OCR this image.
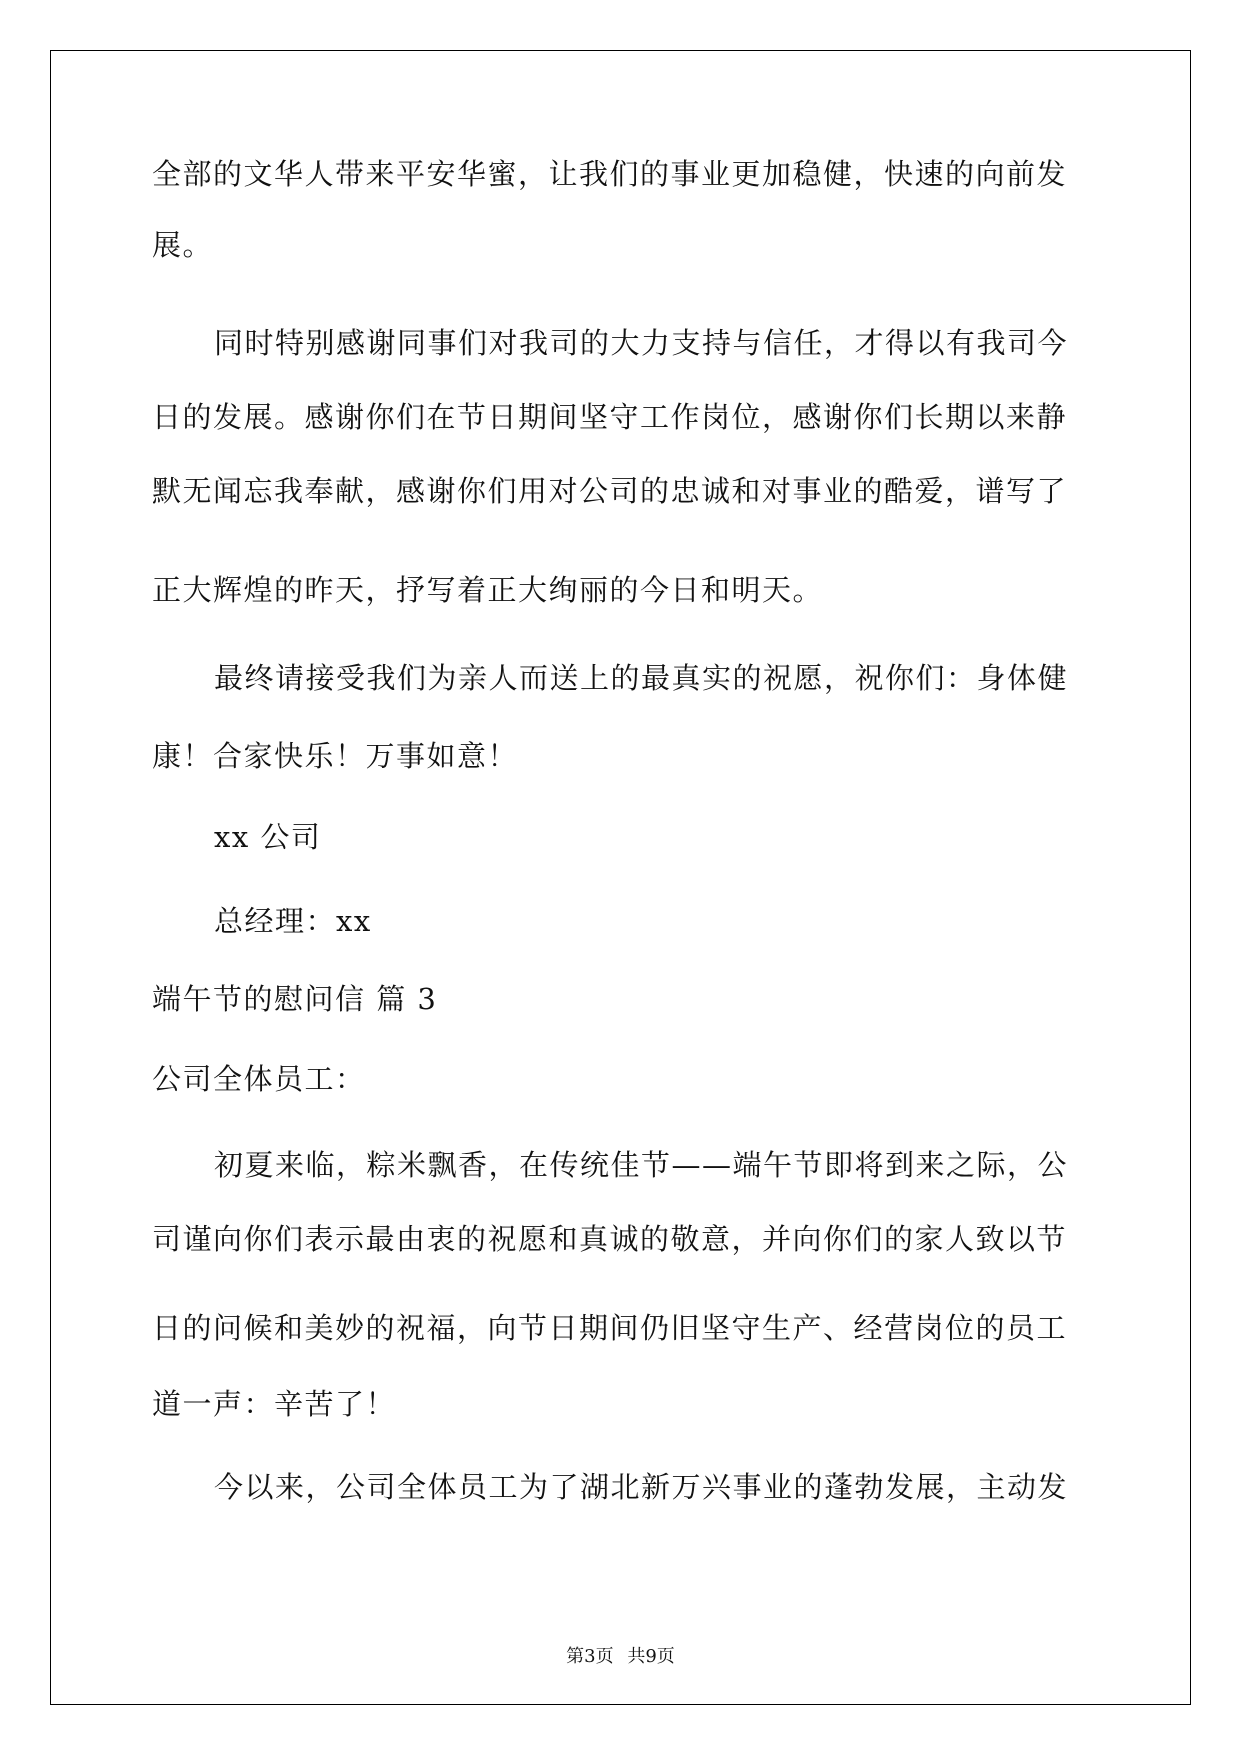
全部的文华人带来平安华蜜，让我们的事业更加稳健，快速的向前发

展。

同时特别感谢同事们对我司的大力支持与信任，才得以有我司今

日的发展。感谢你们在节日期间坚守工作岗位，感谢你们长期以来静

默无闻忘我奉献，感谢你们用对公司的忠诚和对事业的酷爱，谱写了

正大辉煌的昨天，抒写着正大绚丽的今日和明天。

最终请接受我们为亲人而送上的最真实的祝愿，祝你们：身体健

康！合家快乐！万事如意！

xx 公司

总经理：xx

端午节的慰问信 篇 3

公司全体员工：

初夏来临，粽米飘香，在传统佳节——端午节即将到来之际，公

司谨向你们表示最由衷的祝愿和真诚的敬意，并向你们的家人致以节

日的问候和美妙的祝福，向节日期间仍旧坚守生产、经营岗位的员工

道一声：辛苦了！

今以来，公司全体员工为了湖北新万兴事业的蓬勃发展，主动发

第3页 共9页
